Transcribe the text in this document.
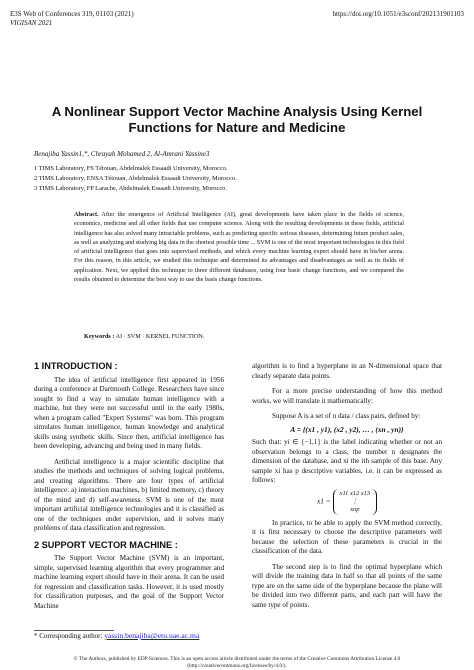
E3S Web of Conferences 319, 01103 (2021)
VIGISAN 2021
https://doi.org/10.1051/e3sconf/202131901103
A Nonlinear Support Vector Machine Analysis Using Kernel
Functions for Nature and Medicine
Benajiba Yassin1,*, Chrayah Mohamed 2, Al-Amrani Yassine3
1 TIMS Laboratory, FS Tétouan, Abdelmalek Essaadi University, Morocco.
2 TIMS Laboratory, ENSA Tétouan, Abdelmalek Essaadi University, Morocco.
3 TIMS Laboratory, FP Larache, Abdelmalek Essaadi University, Morocco.
Abstract. After the emergence of Artificial Intelligence (AI), great developments have taken place in the fields of science, economics, medicine and all other fields that use computer science. Along with the resulting developments in these fields, artificial intelligence has also solved many intractable problems, such as predicting specific serious diseases, determining future product sales, as well as analyzing and studying big data in the shortest possible time ... SVM is one of the most important technologies in this field of artificial intelligence that goes into supervised methods, and which every machine learning expert should have in his/her arena. For this reason, in this article, we studied this technique and determined its advantages and disadvantages as well as its fields of application. Next, we applied this technique to three different databases, using four basic change functions, and we compared the results obtained to determine the best way to use the basis change functions.
Keywords : AI · SVM · KERNEL FUNCTION.
1 INTRODUCTION :

The idea of artificial intelligence first appeared in 1956 during a conference at Dartmouth College. Researchers have since sought to find a way to simulate human intelligence with a machine, but they were not successful until in the early 1980s, when a program called "Expert Systems" was born. This program simulates human intelligence, human knowledge and analytical skills using synthetic skills. Since then, artificial intelligence has been developing, advancing and being used in many fields.

Artificial intelligence is a major scientific discipline that studies the methods and techniques of solving logical problems, and creating algorithms. There are four types of artificial intelligence: a) interaction machines, b) limited memory, c) theory of the mind and d) self-awareness. SVM is one of the most important artificial intelligence technologies and it is classified as one of the techniques under supervision, and it solves many problems of data classification and regression.

2 SUPPORT VECTOR MACHINE :

The Support Vector Machine (SVM) is an important, simple, supervised learning algorithm that every programmer and machine learning expert should have in their arena. It can be used for regression and classification tasks. However, it is used mostly for classification purposes, and the goal of the Support Vector Machine

algorithm is to find a hyperplane in an N-dimensional space that clearly separate data points.

For a more precise understanding of how this method works, we will translate it mathematically:

Suppose A is a set of n data / class pairs, defined by:

A = {(x1 , y1), (x2 , y2), … , (xn , yn)}

Such that: yi ∈ {−1,1} is the label indicating whether or not an observation belongs to a class, the number n designates the dimension of the database, and xi the ith sample of this base. Any sample xi has p descriptive variables, i.e. it can be expressed as follows:

x1 =
x11 x12 x13
⋮
xnp

In practice, to be able to apply the SVM method correctly, it is first necessary to choose the descriptive parameters well because the selection of these parameters is crucial in the classification of the data.

The second step is to find the optimal hyperplane which will divide the training data in half so that all points of the same type are on the same side of the hyperplane because the plane will be divided into two different parts, and each part will have the same type of points.

* Corresponding author: yassin.benajiba@etu.uae.ac.ma
© The Authors, published by EDP Sciences. This is an open access article distributed under the terms of the Creative Commons Attribution License 4.0
(http://creativecommons.org/licenses/by/4.0/).
